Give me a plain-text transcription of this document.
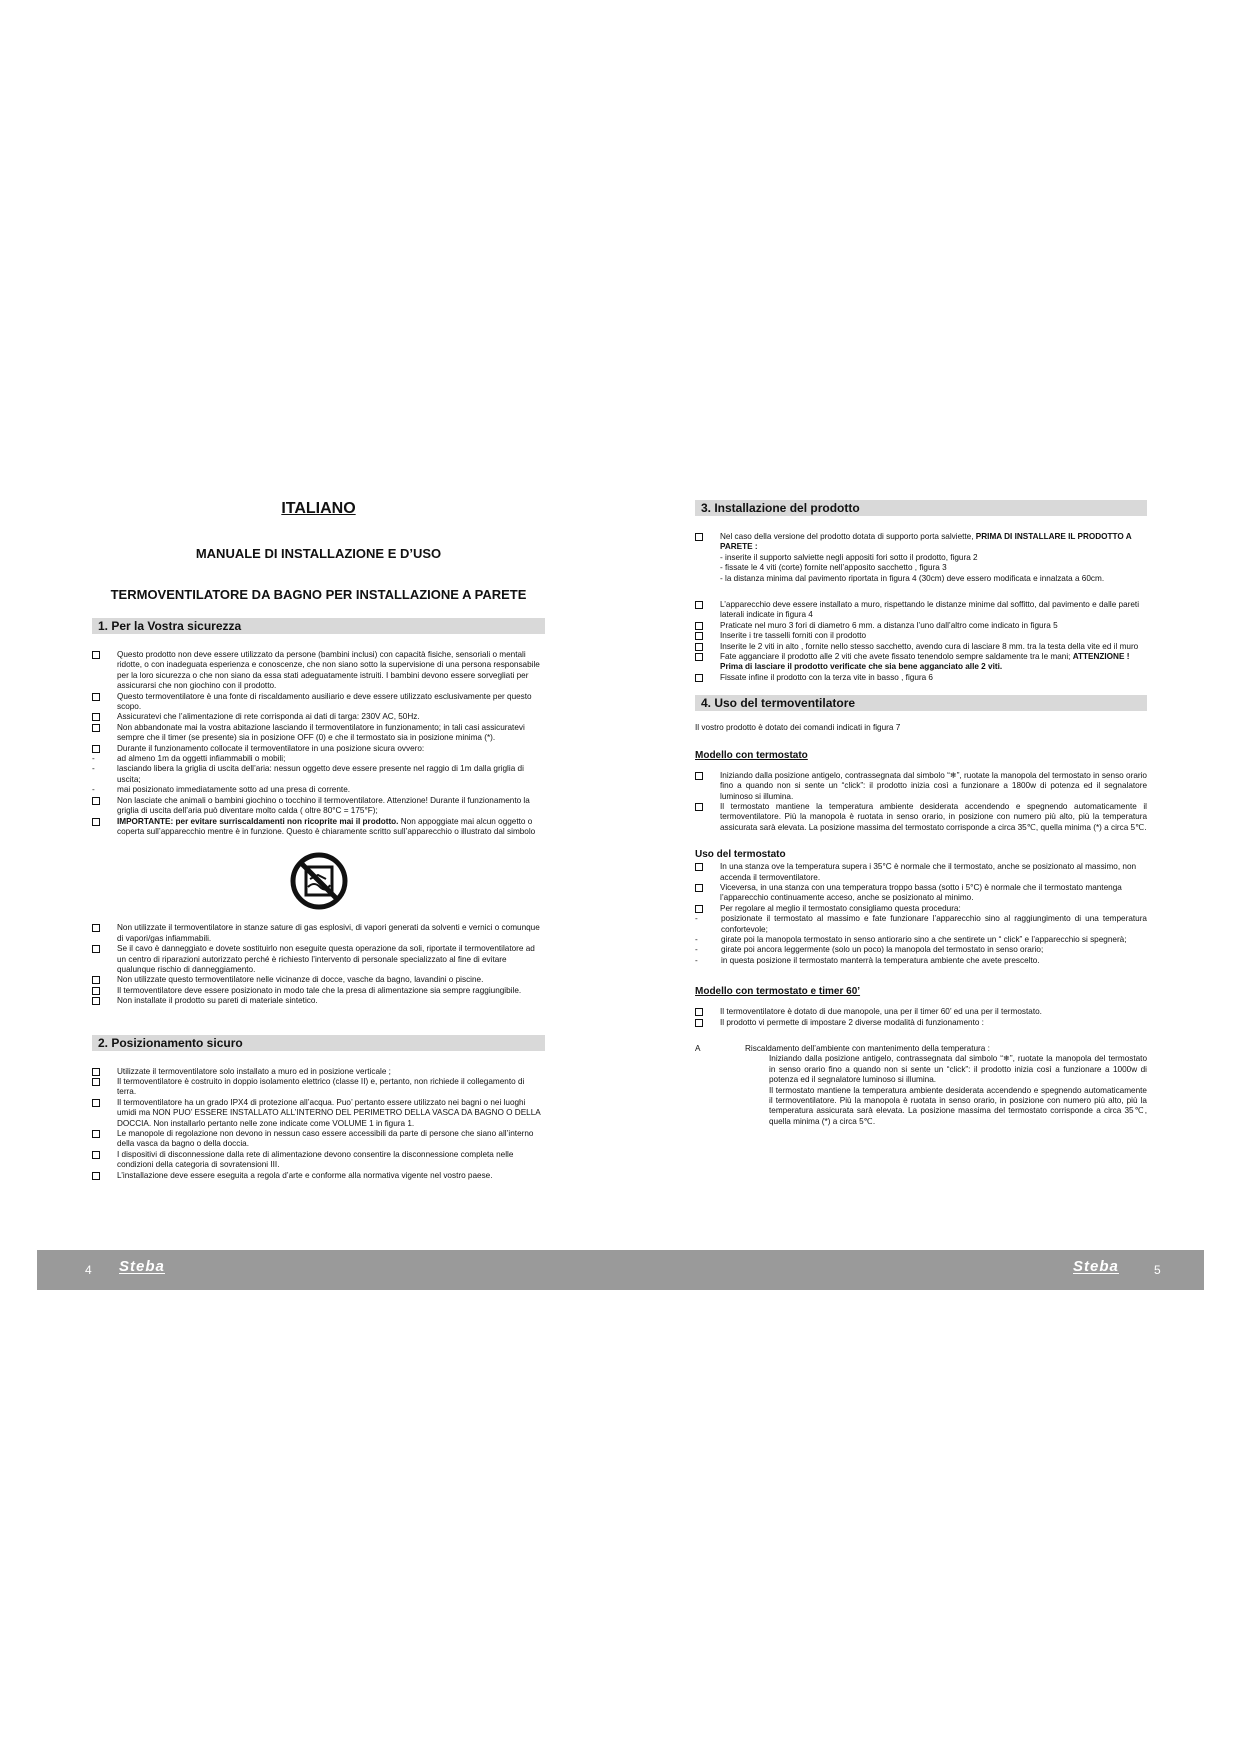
ITALIANO
MANUALE DI INSTALLAZIONE E D’USO
TERMOVENTILATORE DA BAGNO PER INSTALLAZIONE A PARETE
1. Per la Vostra sicurezza
Questo prodotto non deve essere utilizzato da persone (bambini inclusi) con capacità fisiche, sensoriali o mentali ridotte, o con inadeguata esperienza e conoscenze, che non siano sotto la supervisione di una persona responsabile per la loro sicurezza o che non siano da essa stati adeguatamente istruiti. I bambini devono essere sorvegliati per assicurarsi che non giochino con il prodotto.
Questo termoventilatore è una fonte di riscaldamento ausiliario e deve essere utilizzato esclusivamente per questo scopo.
Assicuratevi che l’alimentazione di rete corrisponda ai dati di targa: 230V AC, 50Hz.
Non abbandonate mai la vostra abitazione lasciando il termoventilatore in funzionamento; in tali casi assicuratevi sempre che il timer (se presente) sia in posizione OFF (0) e che il termostato sia in posizione minima (*).
Durante il funzionamento collocate il termoventilatore in una posizione sicura ovvero:
-	ad almeno 1m da oggetti infiammabili o mobili;
-	lasciando libera la griglia di uscita dell’aria: nessun oggetto deve essere presente nel raggio di 1m dalla griglia di uscita;
-	mai posizionato immediatamente sotto ad una presa di corrente.
Non lasciate che animali o bambini giochino o tocchino il termoventilatore. Attenzione! Durante il funzionamento la griglia di uscita dell’aria può diventare molto calda ( oltre 80°C = 175°F);
IMPORTANTE: per evitare surriscaldamenti non ricoprite mai il prodotto. Non appoggiate mai alcun oggetto o coperta sull’apparecchio mentre è in funzione. Questo è chiaramente scritto sull’apparecchio o illustrato dal simbolo
Non utilizzate il termoventilatore in stanze sature di gas esplosivi, di vapori generati da solventi e vernici o comunque di vapori/gas infiammabili.
Se il cavo è danneggiato e dovete sostituirlo non eseguite questa operazione da soli, riportate il termoventilatore ad un centro di riparazioni autorizzato perché è richiesto l’intervento di personale specializzato al fine di evitare qualunque rischio di danneggiamento.
Non utilizzate questo termoventilatore nelle vicinanze di docce, vasche da bagno, lavandini o piscine.
Il termoventilatore deve essere posizionato in modo tale che la presa di alimentazione sia sempre raggiungibile.
Non installate il prodotto su pareti di materiale sintetico.
2. Posizionamento sicuro
Utilizzate il termoventilatore solo installato a muro ed in posizione verticale ;
Il termoventilatore è costruito in doppio isolamento elettrico (classe II) e, pertanto, non richiede il collegamento di terra.
Il termoventilatore ha un grado IPX4 di protezione all’acqua. Puo’ pertanto essere utilizzato nei bagni o nei luoghi umidi ma NON PUO’ ESSERE INSTALLATO ALL’INTERNO DEL PERIMETRO DELLA VASCA DA BAGNO O DELLA DOCCIA. Non installarlo pertanto nelle zone indicate come VOLUME 1 in figura 1.
Le manopole di regolazione non devono in nessun caso essere accessibili da parte di persone che siano all’interno della vasca da bagno o della doccia.
I dispositivi di disconnessione dalla rete di alimentazione devono consentire la disconnessione completa nelle condizioni della categoria di sovratensioni III.
L’installazione deve essere eseguita a regola d’arte e conforme alla normativa vigente nel vostro paese.
3. Installazione del prodotto
Nel caso della versione del prodotto dotata di supporto porta salviette, PRIMA DI INSTALLARE IL PRODOTTO A PARETE :
- inserite il supporto salviette negli appositi fori sotto il prodotto, figura 2
- fissate le 4 viti (corte) fornite nell’apposito sacchetto , figura 3
- la distanza minima dal pavimento riportata in figura 4 (30cm) deve essero modificata e innalzata a 60cm.
L’apparecchio deve essere installato a muro, rispettando le distanze minime dal soffitto, dal pavimento e dalle pareti laterali indicate in figura 4
Praticate nel muro 3 fori di diametro 6 mm. a distanza l’uno dall’altro come indicato in figura 5
Inserite i tre tasselli forniti con il prodotto
Inserite le 2 viti in alto , fornite nello stesso sacchetto, avendo cura di lasciare 8 mm. tra la testa della vite ed il muro
Fate agganciare il prodotto alle 2 viti che avete fissato tenendolo sempre saldamente tra le mani; ATTENZIONE ! Prima di lasciare il prodotto verificate che sia bene agganciato alle 2 viti.
Fissate infine il prodotto con la terza vite in basso , figura 6
4. Uso del termoventilatore

Il vostro prodotto è dotato dei comandi indicati in figura 7

Modello con termostato
Iniziando dalla posizione antigelo, contrassegnata dal simbolo “❄”, ruotate la manopola del termostato in senso orario fino a quando non si sente un “click”: il prodotto inizia così a funzionare a 1800w di potenza ed il segnalatore luminoso si illumina.
Il termostato mantiene la temperatura ambiente desiderata accendendo e spegnendo automaticamente il termoventilatore. Più la manopola è ruotata in senso orario, in posizione con numero più alto, più la temperatura assicurata sarà elevata. La posizione massima del termostato corrisponde a circa 35℃, quella minima (*) a circa 5℃.
Uso del termostato
In una stanza ove la temperatura supera i 35°C è normale che il termostato, anche se posizionato al massimo, non accenda il termoventilatore.
Viceversa, in una stanza con una temperatura troppo bassa (sotto i 5°C) è normale che il termostato mantenga l’apparecchio continuamente acceso, anche se posizionato al minimo.
Per regolare al meglio il termostato consigliamo questa procedura:
-	posizionate il termostato al massimo e fate funzionare l’apparecchio sino al raggiungimento di una temperatura confortevole;
-	girate poi la manopola termostato in senso antiorario sino a che sentirete un “ click” e l’apparecchio si spegnerà;
-	girate poi ancora leggermente (solo un poco) la manopola del termostato in senso orario;
-	in questa posizione il termostato manterrà la temperatura ambiente che avete prescelto.
Modello con termostato e timer 60’
Il termoventilatore è dotato di due manopole, una per il timer 60’ ed una per il termostato.
Il prodotto vi permette di impostare 2 diverse modalità di funzionamento :
A	Riscaldamento dell’ambiente con mantenimento della temperatura :
Iniziando dalla posizione antigelo, contrassegnata dal simbolo “❄”, ruotate la manopola del termostato in senso orario fino a quando non si sente un “click”: il prodotto inizia così a funzionare a 1000w di potenza ed il segnalatore luminoso si illumina.
Il termostato mantiene la temperatura ambiente desiderata accendendo e spegnendo automaticamente il termoventilatore. Più la manopola è ruotata in senso orario, in posizione con numero più alto, più la temperatura assicurata sarà elevata. La posizione massima del termostato corrisponde a circa 35℃, quella minima (*) a circa 5℃.
4 Steba	Steba	5
